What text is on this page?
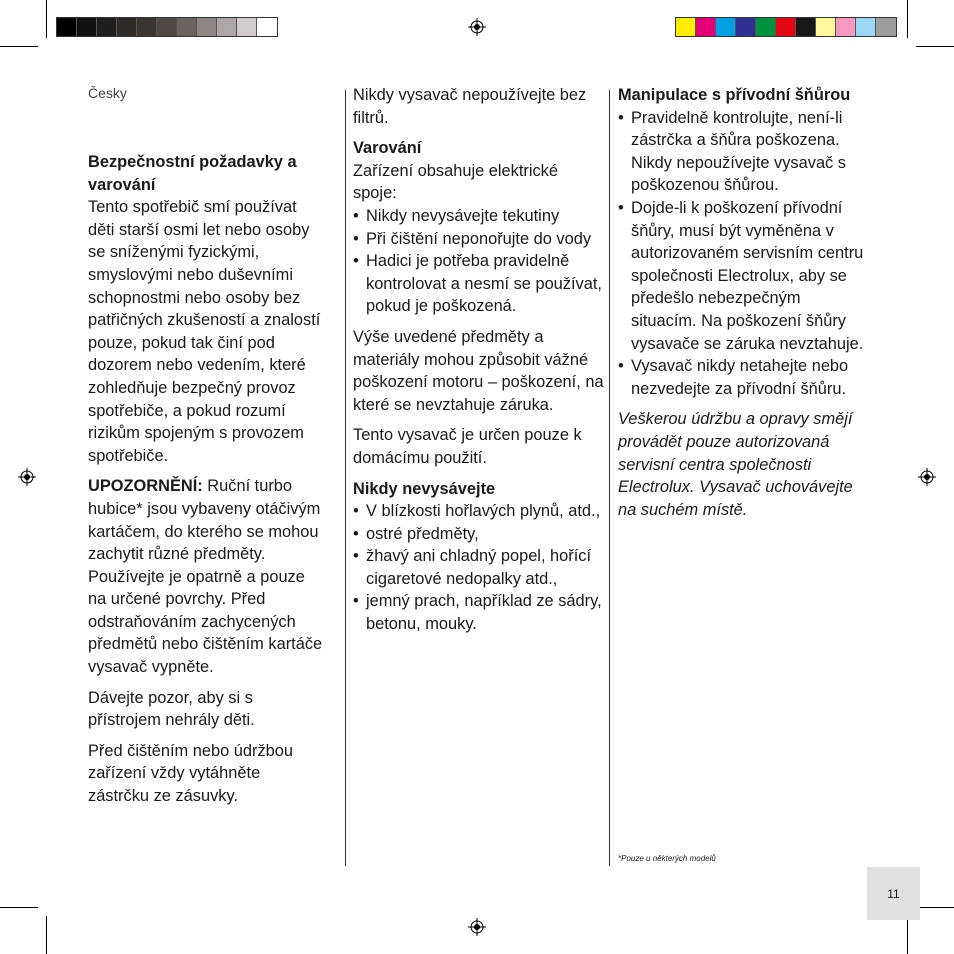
Česky

Bezpečnostní požadavky a varování
Tento spotřebič smí používat děti starší osmi let nebo osoby se sníženými fyzickými, smyslovými nebo duševními schopnostmi nebo osoby bez patřičných zkušeností a znalostí pouze, pokud tak činí pod dozorem nebo vedením, které zohledňuje bezpečný provoz spotřebiče, a pokud rozumí rizikům spojeným s provozem spotřebiče.

UPOZORNĚNÍ: Ruční turbo hubice* jsou vybaveny otáčivým kartáčem, do kterého se mohou zachytit různé předměty. Používejte je opatrně a pouze na určené povrchy. Před odstraňováním zachycených předmětů nebo čištěním kartáče vysavač vypněte.

Dávejte pozor, aby si s přístrojem nehrály děti.

Před čištěním nebo údržbou zařízení vždy vytáhněte zástrčku ze zásuvky.

Nikdy vysavač nepoužívejte bez filtrů.

Varování
Zařízení obsahuje elektrické spoje:
• Nikdy nevysávejte tekutiny
• Při čištění neponořujte do vody
• Hadici je potřeba pravidelně kontrolovat a nesmí se používat, pokud je poškozená.

Výše uvedené předměty a materiály mohou způsobit vážné poškození motoru – poškození, na které se nevztahuje záruka.

Tento vysavač je určen pouze k domácímu použití.

Nikdy nevysávejte
• V blízkosti hořlavých plynů, atd.,
• ostré předměty,
• žhavý ani chladný popel, hořící cigaretové nedopalky atd.,
• jemný prach, například ze sádry, betonu, mouky.
Manipulace s přívodní šňůrou
• Pravidelně kontrolujte, není-li zástrčka a šňůra poškozena. Nikdy nepoužívejte vysavač s poškozenou šňůrou.
• Dojde-li k poškození přívodní šňůry, musí být vyměněna v autorizovaném servisním centru společnosti Electrolux, aby se předešlo nebezpečným situacím. Na poškození šňůry vysavače se záruka nevztahuje.
• Vysavač nikdy netahejte nebo nezvedejte za přívodní šňůru.

Veškerou údržbu a opravy smějí provádět pouze autorizovaná servisní centra společnosti Electrolux. Vysavač uchovávejte na suchém místě.

*Pouze u některých modelů
11
